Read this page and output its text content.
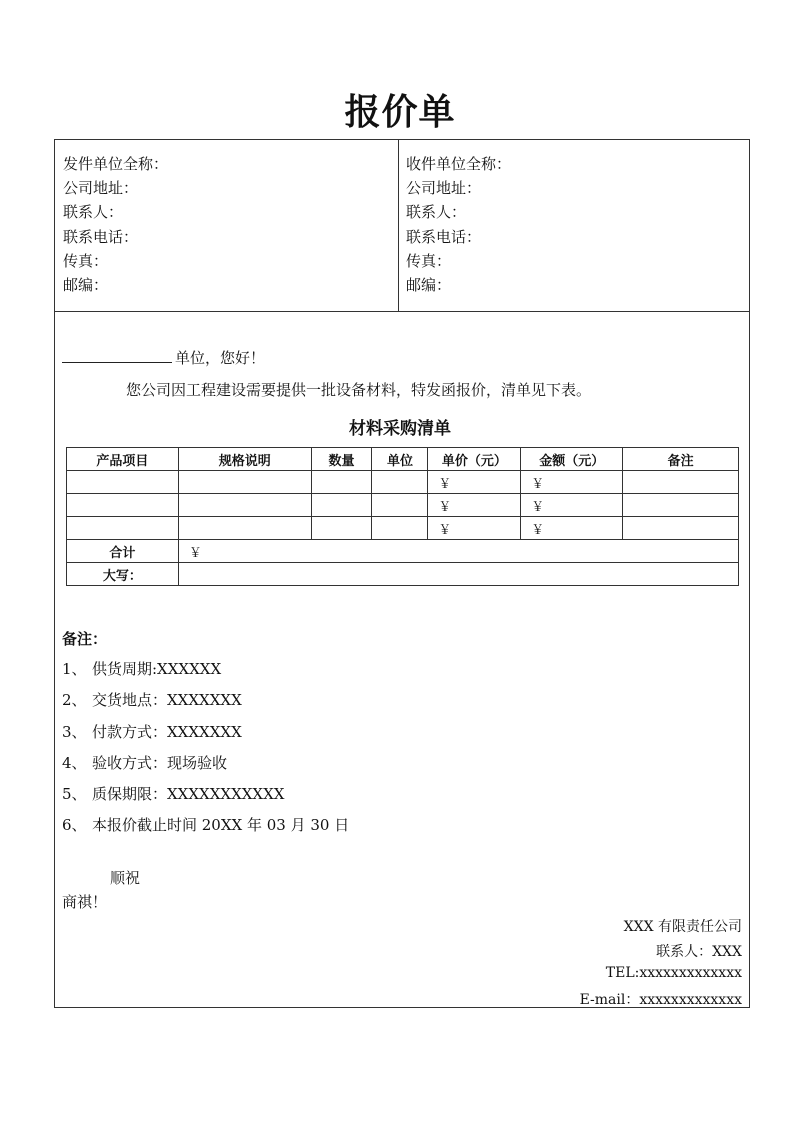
报价单
发件单位全称：
公司地址：
联系人：
联系电话：
传真：
邮编：
收件单位全称：
公司地址：
联系人：
联系电话：
传真：
邮编：
单位，您好！
您公司因工程建设需要提供一批设备材料，特发函报价，清单见下表。
材料采购清单
产品项目	规格说明	数量	单位	单价（元）	金额（元）	备注
				￥	￥	
				￥	￥	
				￥	￥	
合计	￥					
大写：						
备注：
1、 供货周期:XXXXXX
2、 交货地点：XXXXXXX
3、 付款方式：XXXXXXX
4、 验收方式：现场验收
5、 质保期限：XXXXXXXXXXX
6、 本报价截止时间 20XX 年 03 月 30 日
顺祝
商祺！
XXX 有限责任公司
联系人：XXX
TEL:xxxxxxxxxxxxx
E-mail：xxxxxxxxxxxxx
